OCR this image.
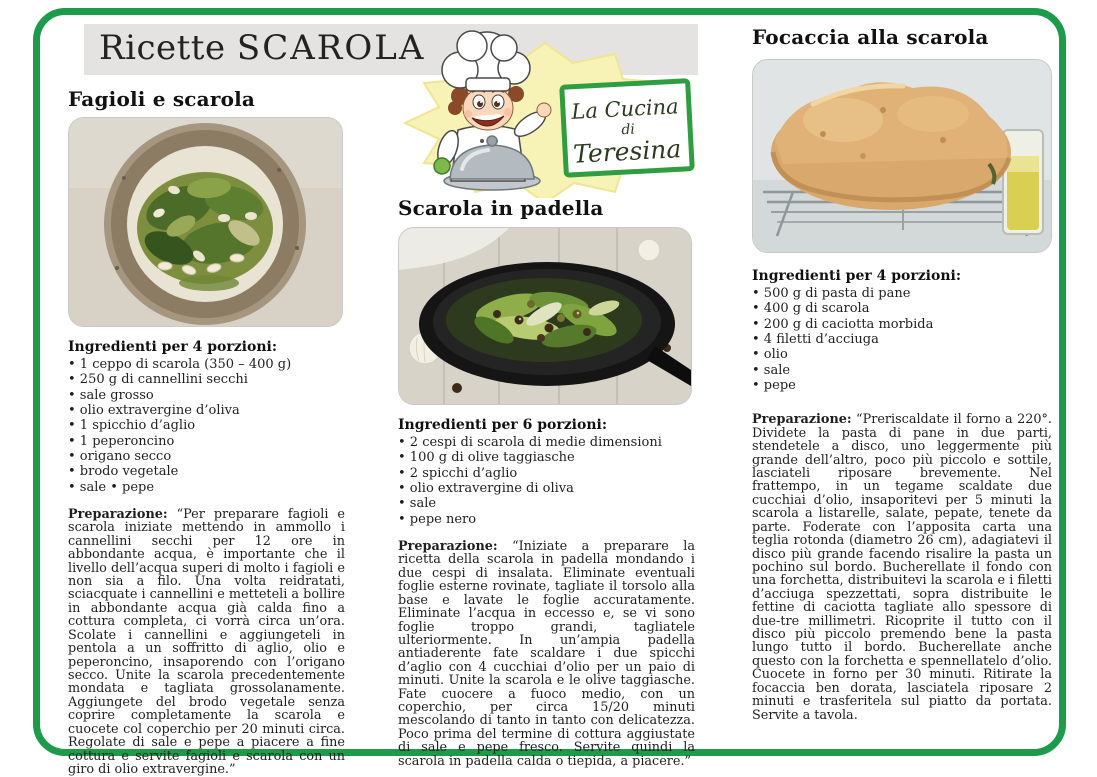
Ricette SCAROLA
La Cucina
di
Teresina
Fagioli e scarola

Ingredienti per 4 porzioni:

• 1 ceppo di scarola (350 – 400 g)
• 250 g di cannellini secchi
• sale grosso
• olio extravergine d’oliva
• 1 spicchio d’aglio
• 1 peperoncino
• origano secco
• brodo vegetale
• sale • pepe

Preparazione: “Per preparare fagioli e scarola iniziate mettendo in ammollo i cannellini secchi per 12 ore in abbondante acqua, è importante che il livello dell’acqua superi di molto i fagioli e non sia a filo. Una volta reidratati, sciacquate i cannellini e metteteli a bollire in abbondante acqua già calda fino a cottura completa, ci vorrà circa un’ora. Scolate i cannellini e aggiungeteli in pentola a un soffritto di aglio, olio e peperoncino, insaporendo con l’origano secco. Unite la scarola precedentemente mondata e tagliata grossolanamente. Aggiungete del brodo vegetale senza coprire completamente la scarola e cuocete col coperchio per 20 minuti circa. Regolate di sale e pepe a piacere a fine cottura e servite fagioli e scarola con un giro di olio extravergine.”

Scarola in padella

Ingredienti per 6 porzioni:

• 2 cespi di scarola di medie dimensioni
• 100 g di olive taggiasche
• 2 spicchi d’aglio
• olio extravergine di oliva
• sale
• pepe nero

Preparazione: “Iniziate a preparare la ricetta della scarola in padella mondando i due cespi di insalata. Eliminate eventuali foglie esterne rovinate, tagliate il torsolo alla base e lavate le foglie accuratamente. Eliminate l’acqua in eccesso e, se vi sono foglie troppo grandi, tagliatele ulteriormente. In un’ampia padella antiaderente fate scaldare i due spicchi d’aglio con 4 cucchiai d’olio per un paio di minuti. Unite la scarola e le olive taggiasche. Fate cuocere a fuoco medio, con un coperchio, per circa 15/20 minuti mescolando di tanto in tanto con delicatezza. Poco prima del termine di cottura aggiustate di sale e pepe fresco. Servite quindi la scarola in padella calda o tiepida, a piacere.”

Focaccia alla scarola

Ingredienti per 4 porzioni:

• 500 g di pasta di pane
• 400 g di scarola
• 200 g di caciotta morbida
• 4 filetti d’acciuga
• olio
• sale
• pepe

Preparazione: “Preriscaldate il forno a 220°. Dividete la pasta di pane in due parti, stendetele a disco, uno leggermente più grande dell’altro, poco più piccolo e sottile, lasciateli riposare brevemente. Nel frattempo, in un tegame scaldate due cucchiai d’olio, insaporitevi per 5 minuti la scarola a listarelle, salate, pepate, tenete da parte. Foderate con l’apposita carta una teglia rotonda (diametro 26 cm), adagiatevi il disco più grande facendo risalire la pasta un pochino sul bordo. Bucherellate il fondo con una forchetta, distribuitevi la scarola e i filetti d’acciuga spezzettati, sopra distribuite le fettine di caciotta tagliate allo spessore di due-tre millimetri. Ricoprite il tutto con il disco più piccolo premendo bene la pasta lungo tutto il bordo. Bucherellate anche questo con la forchetta e spennellatelo d’olio. Cuocete in forno per 30 minuti. Ritirate la focaccia ben dorata, lasciatela riposare 2 minuti e trasferitela sul piatto da portata. Servite a tavola.
